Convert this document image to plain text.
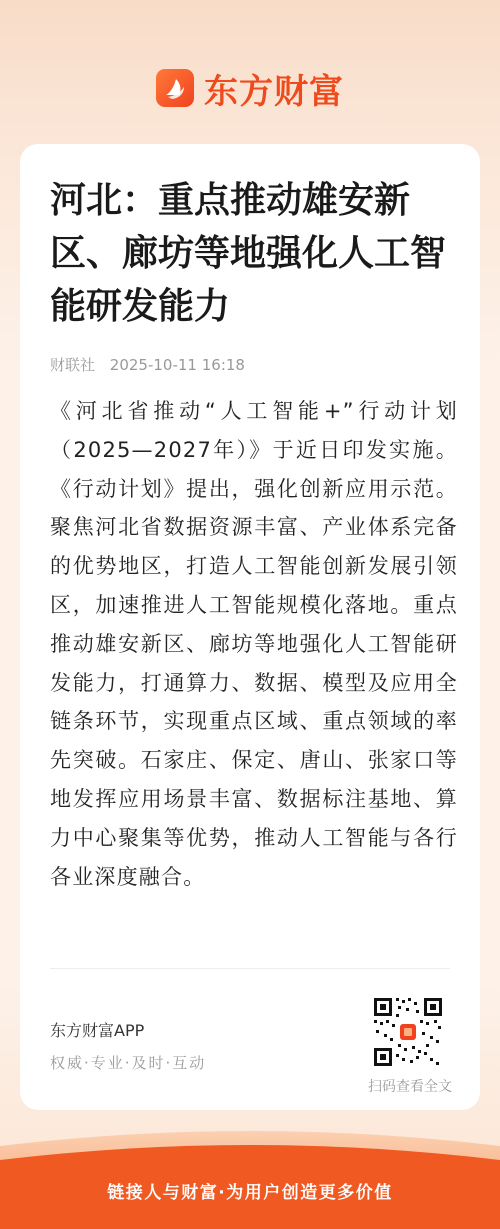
东方财富
河北：重点推动雄安新区、廊坊等地强化人工智能研发能力
财联社 2025-10-11 16:18

《河北省推动“人工智能+”行动计划（2025—2027年）》于近日印发实施。《行动计划》提出，强化创新应用示范。聚焦河北省数据资源丰富、产业体系完备的优势地区，打造人工智能创新发展引领区，加速推进人工智能规模化落地。重点推动雄安新区、廊坊等地强化人工智能研发能力，打通算力、数据、模型及应用全链条环节，实现重点区域、重点领域的率先突破。石家庄、保定、唐山、张家口等地发挥应用场景丰富、数据标注基地、算力中心聚集等优势，推动人工智能与各行各业深度融合。

东方财富APP
权威·专业·及时·互动
扫码查看全文
链接人与财富·为用户创造更多价值
